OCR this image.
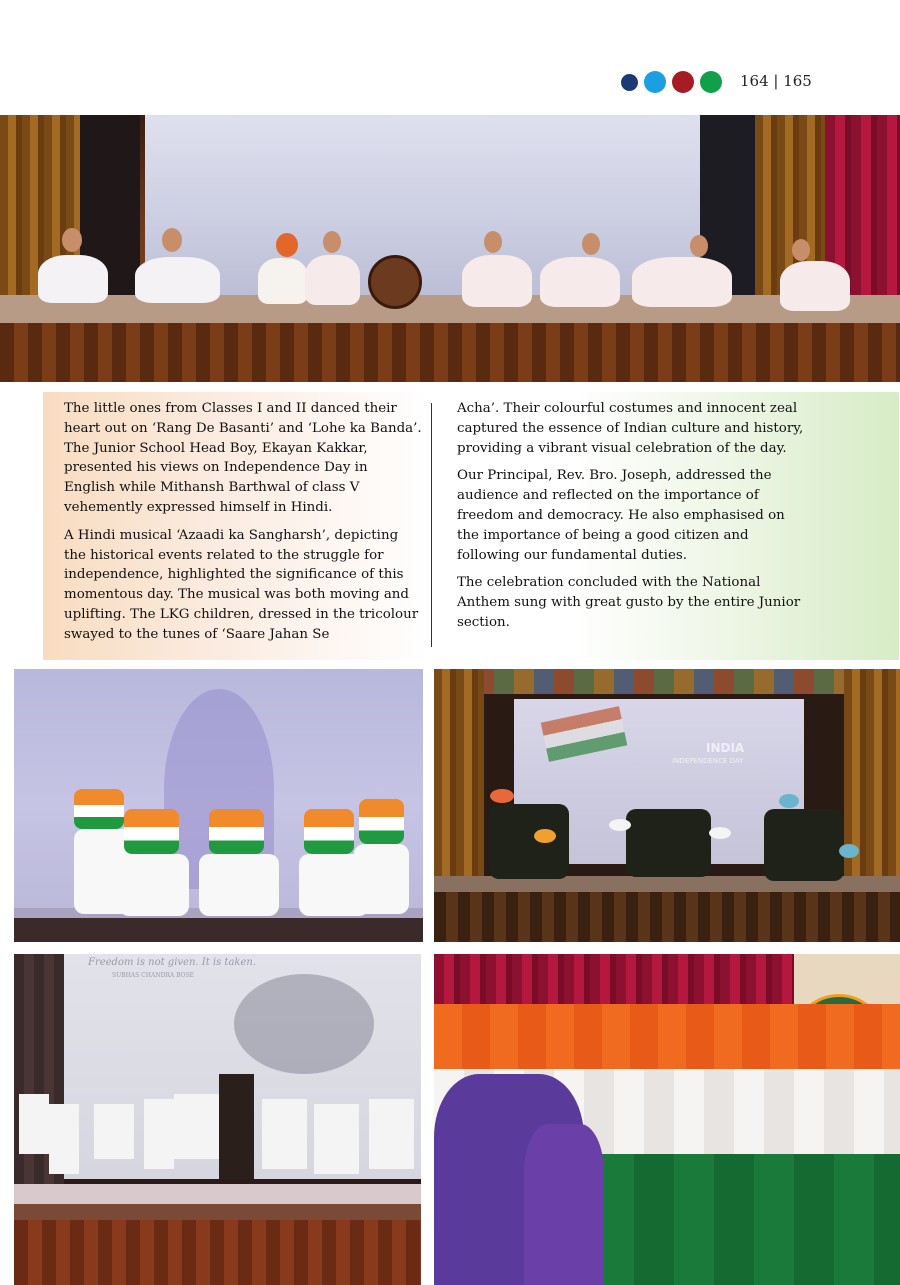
164 | 165

The little ones from Classes I and II danced their heart out on ‘Rang De Basanti’ and ‘Lohe ka Banda’. The Junior School Head Boy, Ekayan Kakkar, presented his views on Independence Day in English while Mithansh Barthwal of class V vehemently expressed himself in Hindi.

A Hindi musical ‘Azaadi ka Sangharsh’, depicting the historical events related to the struggle for independence, highlighted the significance of this momentous day. The musical was both moving and uplifting. The LKG children, dressed in the tricolour swayed to the tunes of ‘Saare Jahan Se

Acha’. Their colourful costumes and innocent zeal captured the essence of Indian culture and history, providing a vibrant visual celebration of the day.

Our Principal, Rev. Bro. Joseph, addressed the audience and reflected on the importance of freedom and democracy. He also emphasised on the importance of being a good citizen and following our fundamental duties.

The celebration concluded with the National Anthem sung with great gusto by the entire Junior section.

INDIA
INDEPENDENCE DAY
Freedom is not given. It is taken.
SUBHAS CHANDRA BOSE
